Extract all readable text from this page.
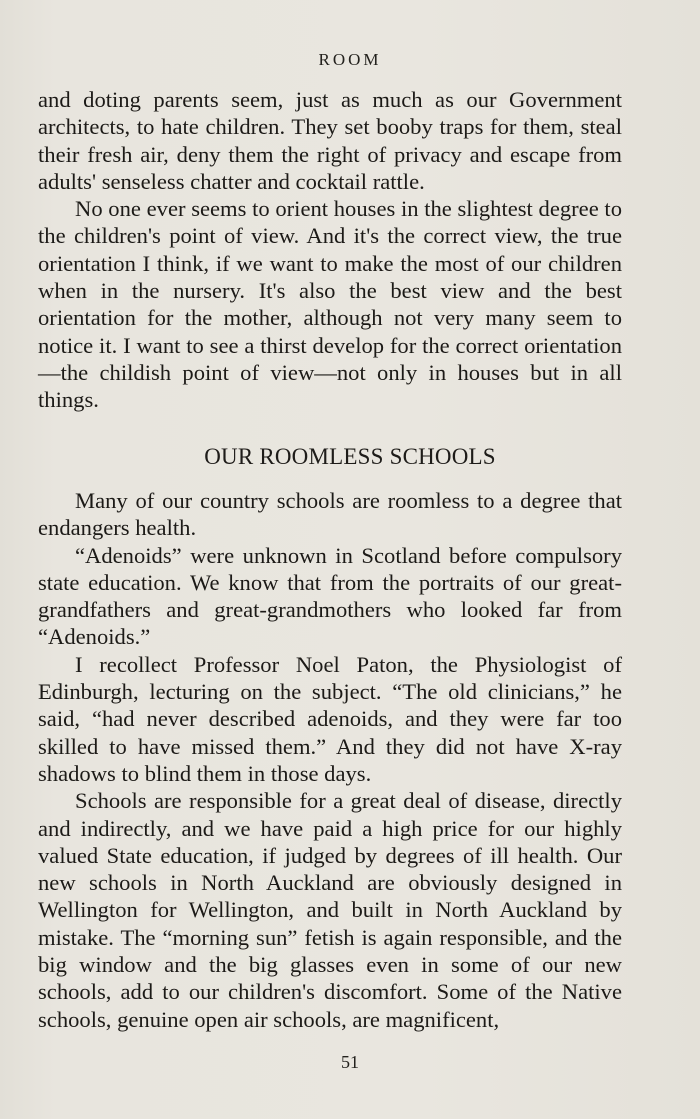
ROOM

and doting parents seem, just as much as our Government architects, to hate children. They set booby traps for them, steal their fresh air, deny them the right of privacy and escape from adults' senseless chatter and cocktail rattle.

No one ever seems to orient houses in the slightest degree to the children's point of view. And it's the correct view, the true orientation I think, if we want to make the most of our children when in the nursery. It's also the best view and the best orientation for the mother, although not very many seem to notice it. I want to see a thirst develop for the correct orientation—the childish point of view—not only in houses but in all things.

OUR ROOMLESS SCHOOLS

Many of our country schools are roomless to a degree that endangers health.

“Adenoids” were unknown in Scotland before compulsory state education. We know that from the portraits of our great-grandfathers and great-grandmothers who looked far from “Adenoids.”

I recollect Professor Noel Paton, the Physiologist of Edinburgh, lecturing on the subject. “The old clinicians,” he said, “had never described adenoids, and they were far too skilled to have missed them.” And they did not have X-ray shadows to blind them in those days.

Schools are responsible for a great deal of disease, directly and indirectly, and we have paid a high price for our highly valued State education, if judged by degrees of ill health. Our new schools in North Auckland are obviously designed in Wellington for Wellington, and built in North Auckland by mistake. The “morning sun” fetish is again responsible, and the big window and the big glasses even in some of our new schools, add to our children's discomfort. Some of the Native schools, genuine open air schools, are magnificent,

51
